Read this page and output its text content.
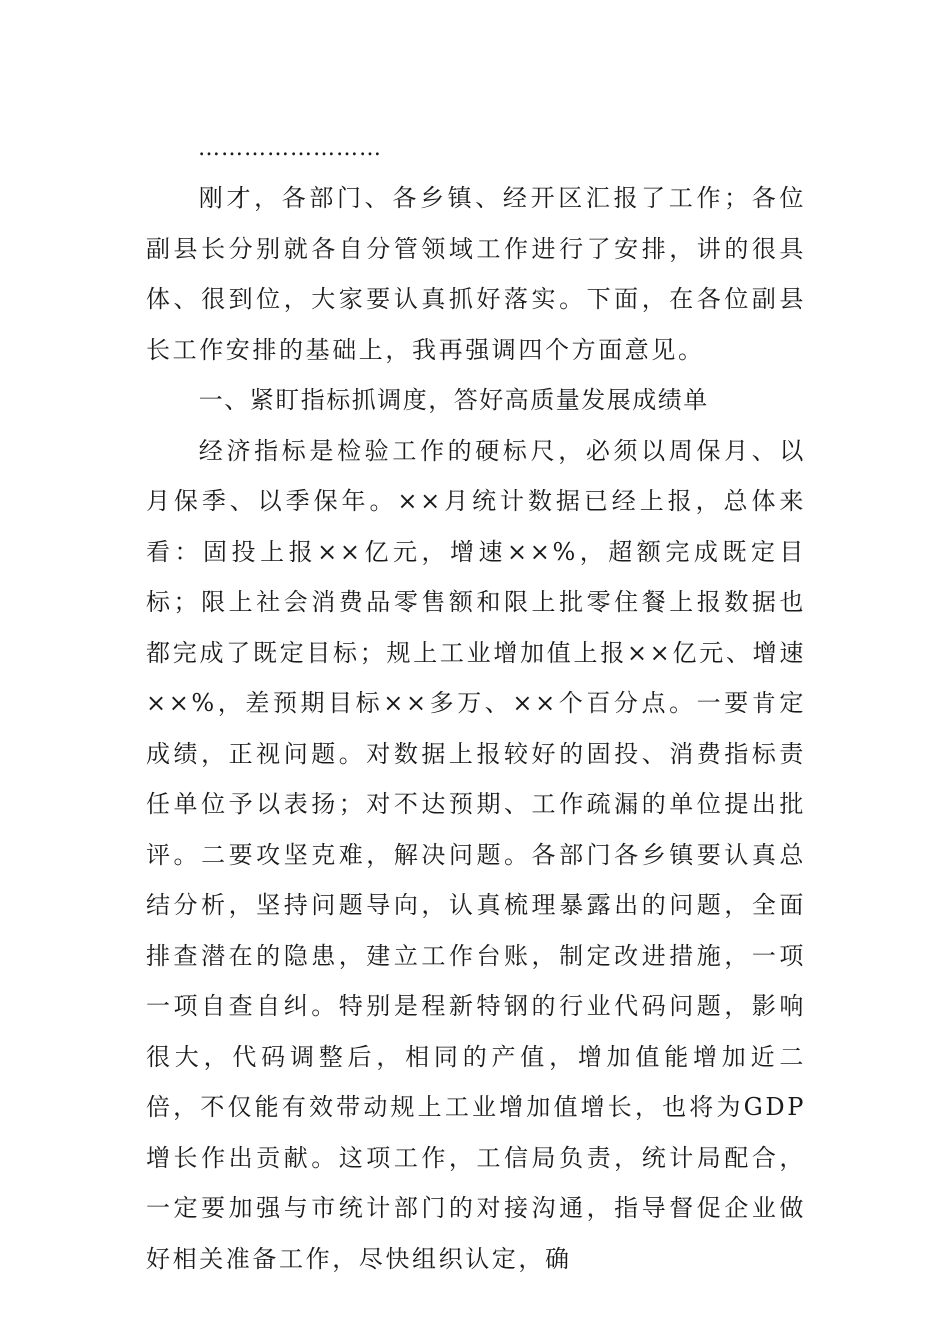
……………………

刚才，各部门、各乡镇、经开区汇报了工作；各位副县长分别就各自分管领域工作进行了安排，讲的很具体、很到位，大家要认真抓好落实。下面，在各位副县长工作安排的基础上，我再强调四个方面意见。

一、紧盯指标抓调度，答好高质量发展成绩单

经济指标是检验工作的硬标尺，必须以周保月、以月保季、以季保年。××月统计数据已经上报，总体来看：固投上报××亿元，增速××%，超额完成既定目标；限上社会消费品零售额和限上批零住餐上报数据也都完成了既定目标；规上工业增加值上报××亿元、增速××%，差预期目标××多万、××个百分点。一要肯定成绩，正视问题。对数据上报较好的固投、消费指标责任单位予以表扬；对不达预期、工作疏漏的单位提出批评。二要攻坚克难，解决问题。各部门各乡镇要认真总结分析，坚持问题导向，认真梳理暴露出的问题，全面排查潜在的隐患，建立工作台账，制定改进措施，一项一项自查自纠。特别是程新特钢的行业代码问题，影响很大，代码调整后，相同的产值，增加值能增加近二倍，不仅能有效带动规上工业增加值增长，也将为GDP增长作出贡献。这项工作，工信局负责，统计局配合，一定要加强与市统计部门的对接沟通，指导督促企业做好相关准备工作，尽快组织认定，确
